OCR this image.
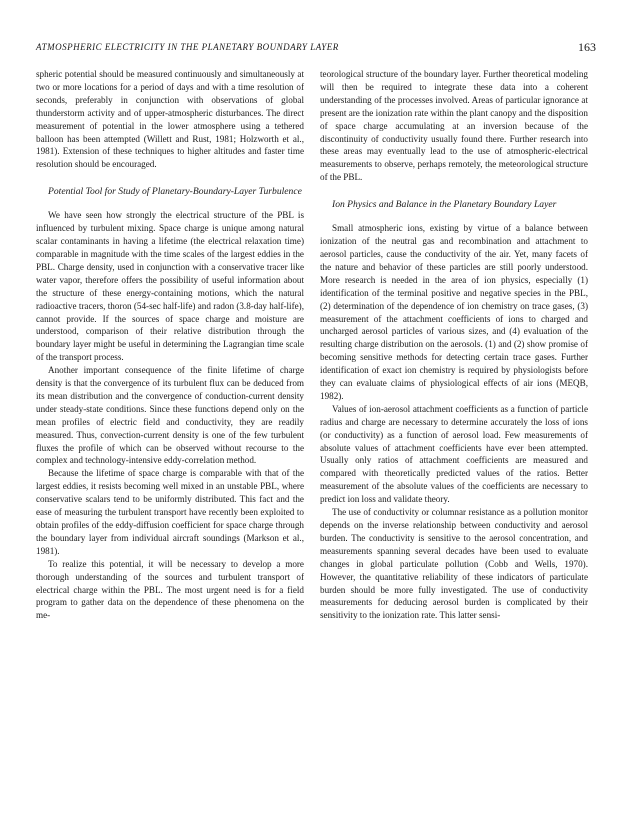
ATMOSPHERIC ELECTRICITY IN THE PLANETARY BOUNDARY LAYER	163

spheric potential should be measured continuously and simultaneously at two or more locations for a period of days and with a time resolution of seconds, preferably in conjunction with observations of global thunderstorm activity and of upper-atmospheric disturbances. The direct measurement of potential in the lower atmosphere using a tethered balloon has been attempted (Willett and Rust, 1981; Holzworth et al., 1981). Extension of these techniques to higher altitudes and faster time resolution should be encouraged.

Potential Tool for Study of Planetary-Boundary-Layer Turbulence

We have seen how strongly the electrical structure of the PBL is influenced by turbulent mixing. Space charge is unique among natural scalar contaminants in having a lifetime (the electrical relaxation time) comparable in magnitude with the time scales of the largest eddies in the PBL. Charge density, used in conjunction with a conservative tracer like water vapor, therefore offers the possibility of useful information about the structure of these energy-containing motions, which the natural radioactive tracers, thoron (54-sec half-life) and radon (3.8-day half-life), cannot provide. If the sources of space charge and moisture are understood, comparison of their relative distribution through the boundary layer might be useful in determining the Lagrangian time scale of the transport process.

Another important consequence of the finite lifetime of charge density is that the convergence of its turbulent flux can be deduced from its mean distribution and the convergence of conduction-current density under steady-state conditions. Since these functions depend only on the mean profiles of electric field and conductivity, they are readily measured. Thus, convection-current density is one of the few turbulent fluxes the profile of which can be observed without recourse to the complex and technology-intensive eddy-correlation method.

Because the lifetime of space charge is comparable with that of the largest eddies, it resists becoming well mixed in an unstable PBL, where conservative scalars tend to be uniformly distributed. This fact and the ease of measuring the turbulent transport have recently been exploited to obtain profiles of the eddy-diffusion coefficient for space charge through the boundary layer from individual aircraft soundings (Markson et al., 1981).

To realize this potential, it will be necessary to develop a more thorough understanding of the sources and turbulent transport of electrical charge within the PBL. The most urgent need is for a field program to gather data on the dependence of these phenomena on the me-

teorological structure of the boundary layer. Further theoretical modeling will then be required to integrate these data into a coherent understanding of the processes involved. Areas of particular ignorance at present are the ionization rate within the plant canopy and the disposition of space charge accumulating at an inversion because of the discontinuity of conductivity usually found there. Further research into these areas may eventually lead to the use of atmospheric-electrical measurements to observe, perhaps remotely, the meteorological structure of the PBL.

Ion Physics and Balance in the Planetary Boundary Layer

Small atmospheric ions, existing by virtue of a balance between ionization of the neutral gas and recombination and attachment to aerosol particles, cause the conductivity of the air. Yet, many facets of the nature and behavior of these particles are still poorly understood. More research is needed in the area of ion physics, especially (1) identification of the terminal positive and negative species in the PBL, (2) determination of the dependence of ion chemistry on trace gases, (3) measurement of the attachment coefficients of ions to charged and uncharged aerosol particles of various sizes, and (4) evaluation of the resulting charge distribution on the aerosols. (1) and (2) show promise of becoming sensitive methods for detecting certain trace gases. Further identification of exact ion chemistry is required by physiologists before they can evaluate claims of physiological effects of air ions (MEQB, 1982).

Values of ion-aerosol attachment coefficients as a function of particle radius and charge are necessary to determine accurately the loss of ions (or conductivity) as a function of aerosol load. Few measurements of absolute values of attachment coefficients have ever been attempted. Usually only ratios of attachment coefficients are measured and compared with theoretically predicted values of the ratios. Better measurement of the absolute values of the coefficients are necessary to predict ion loss and validate theory.

The use of conductivity or columnar resistance as a pollution monitor depends on the inverse relationship between conductivity and aerosol burden. The conductivity is sensitive to the aerosol concentration, and measurements spanning several decades have been used to evaluate changes in global particulate pollution (Cobb and Wells, 1970). However, the quantitative reliability of these indicators of particulate burden should be more fully investigated. The use of conductivity measurements for deducing aerosol burden is complicated by their sensitivity to the ionization rate. This latter sensi-
